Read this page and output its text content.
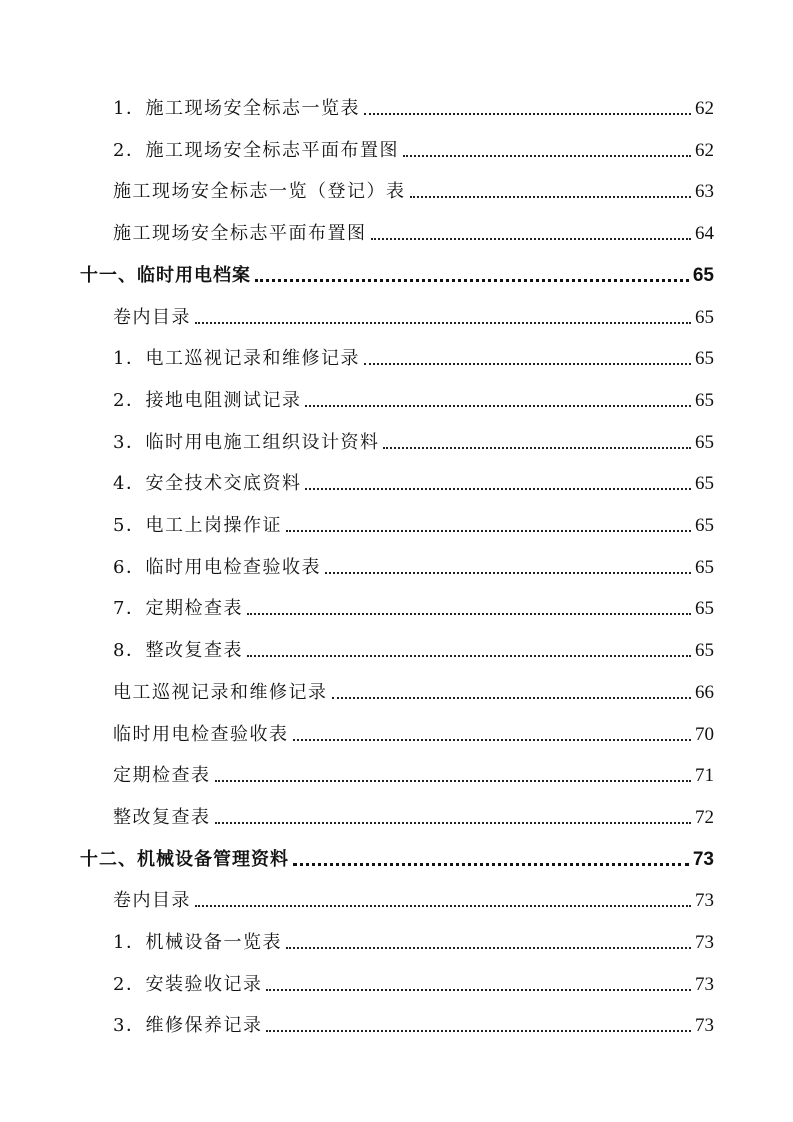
1．施工现场安全标志一览表	62
2．施工现场安全标志平面布置图	62
施工现场安全标志一览（登记）表	63
施工现场安全标志平面布置图	64
十一、临时用电档案	65
卷内目录	65
1．电工巡视记录和维修记录	65
2．接地电阻测试记录	65
3．临时用电施工组织设计资料	65
4．安全技术交底资料	65
5．电工上岗操作证	65
6．临时用电检查验收表	65
7．定期检查表	65
8．整改复查表	65
电工巡视记录和维修记录	66
临时用电检查验收表	70
定期检查表	71
整改复查表	72
十二、机械设备管理资料	73
卷内目录	73
1．机械设备一览表	73
2．安装验收记录	73
3．维修保养记录	73
